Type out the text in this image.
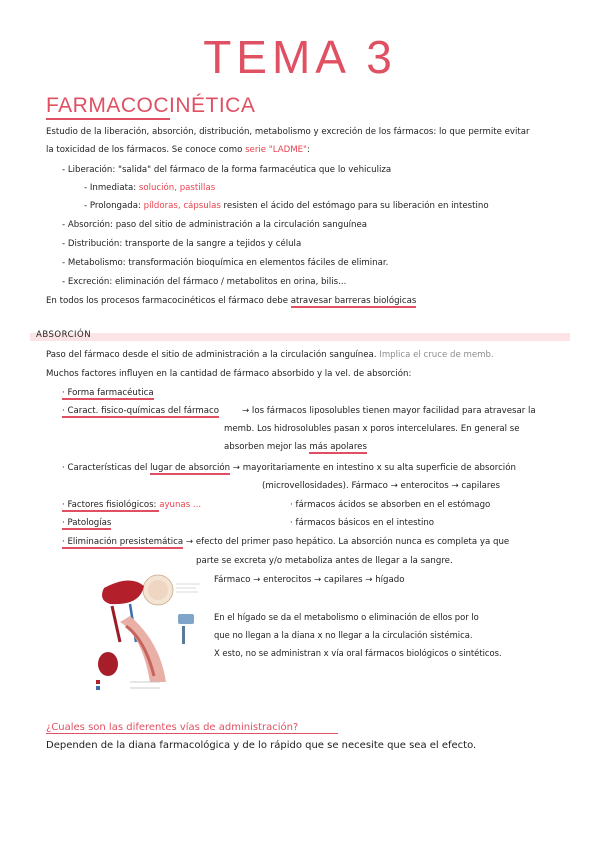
TEMA 3
FARMACOCINÉTICA
Estudio de la liberación, absorción, distribución, metabolismo y excreción de los fármacos: lo que permite evitar
la toxicidad de los fármacos. Se conoce como serie "LADME":
- Liberación: "salida" del fármaco de la forma farmacéutica que lo vehiculiza
- Inmediata: solución, pastillas
- Prolongada: píldoras, cápsulas resisten el ácido del estómago para su liberación en intestino
- Absorción: paso del sitio de administración a la circulación sanguínea
- Distribución: transporte de la sangre a tejidos y célula
- Metabolismo: transformación bioquímica en elementos fáciles de eliminar.
- Excreción: eliminación del fármaco / metabolitos en orina, bilis...
En todos los procesos farmacocinéticos el fármaco debe atravesar barreras biológicas
ABSORCIÓN
Paso del fármaco desde el sitio de administración a la circulación sanguínea. Implica el cruce de memb.
Muchos factores influyen en la cantidad de fármaco absorbido y la vel. de absorción:
· Forma farmacéutica
· Caract. fisico-químicas del fármaco	→ los fármacos liposolubles tienen mayor facilidad para atravesar la
memb. Los hidrosolubles pasan x poros intercelulares. En general se
absorben mejor las más apolares
· Características del lugar de absorción → mayoritariamente en intestino x su alta superficie de absorción
(microvellosidades). Fármaco → enterocitos → capilares
· Factores fisiológicos: ayunas ...	· fármacos ácidos se absorben en el estómago
· Patologías	· fármacos básicos en el intestino
· Eliminación presistemática → efecto del primer paso hepático. La absorción nunca es completa ya que
parte se excreta y/o metaboliza antes de llegar a la sangre.
Fármaco → enterocitos → capilares → hígado
En el hígado se da el metabolismo o eliminación de ellos por lo
que no llegan a la diana x no llegar a la circulación sistémica.
X esto, no se administran x vía oral fármacos biológicos o sintéticos.
¿Cuales son las diferentes vías de administración?
Dependen de la diana farmacológica y de lo rápido que se necesite que sea el efecto.
